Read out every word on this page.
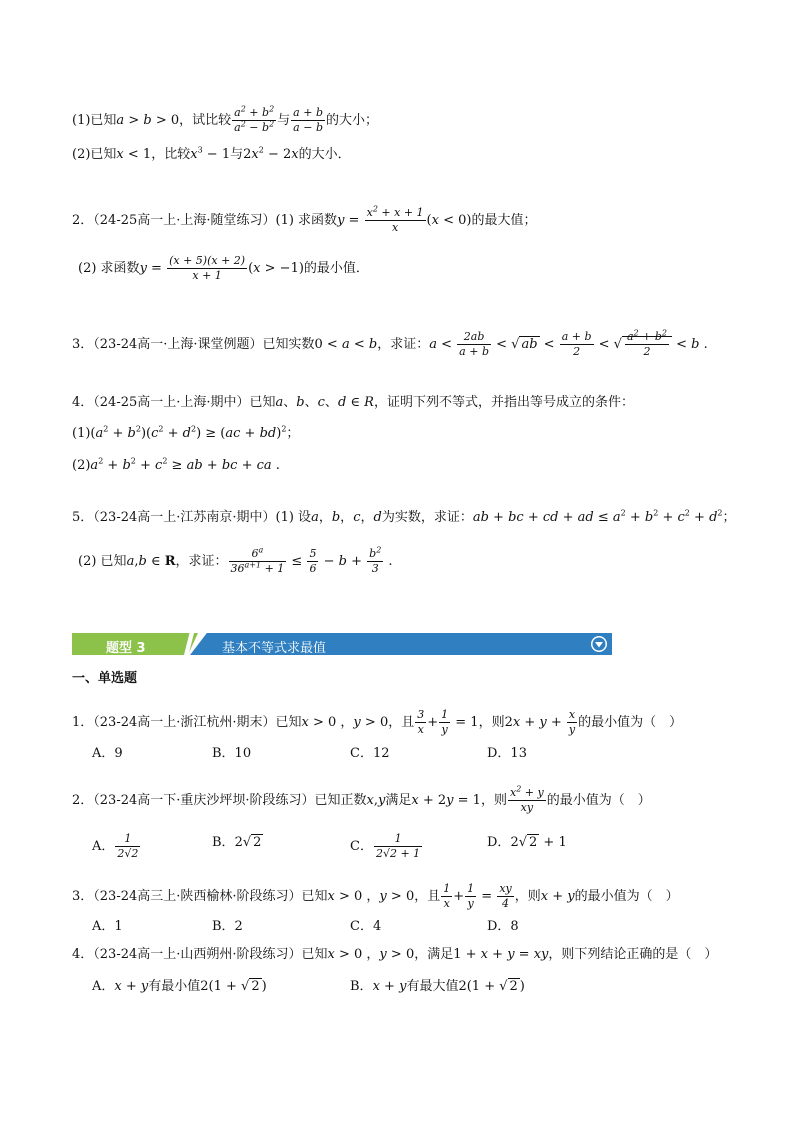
(1)已知a > b > 0，试比较 $\frac{a^2 + b^2}{a^2 - b^2}$ 与 $\frac{a + b}{a - b}$ 的大小；
(2)已知x < 1，比较$x^3 - 1$与$2x^2 - 2x$的大小．
2．（24-25高一上·上海·随堂练习）(1) 求函数$y = \frac{x^2 + x + 1}{x} (x < 0)$的最大值；
(2) 求函数$y = \frac{(x + 5)(x + 2)}{x + 1} (x > -1)$的最小值．
3．（23-24高一·上海·课堂例题）已知实数0 < a < b，求证：$a < \frac{2ab}{a + b}$ < √ ab < $\frac{a + b}{2}$ < √ $\frac{a^2 + b^2}{2} < b$ .
4．（24-25高一上·上海·期中）已知a、b、c、d ∈ R，证明下列不等式，并指出等号成立的条件：
$(1)(a^2 + b^2)(c^2 + d^2) \ge (ac + bd)^2$；
$(2)a^2 + b^2 + c^2$ ≥ ab + bc + ca .
5．（23-24高一上·江苏南京·期中）(1) 设a，b，c，d为实数，求证：ab + bc + cd + ad ≤ $a^2 + b^2 + c^2 + d^2$；
(2) 已知a,b ∈ R，求证： $\frac{6^a}{36^{a+1} + 1} \le \frac{5}{6} - b + \frac{b^2}{3}$ .
题型 3	基本不等式求最值
一、单选题
1．（23-24高一上·浙江杭州·期末）已知x > 0 ，y > 0，且 $\frac{3}{x} + \frac{1}{y} = 1$，则$2x + y + \frac{x}{y}$ 的最小值为（　）
A．9	B．10	C．12	D．13
2．（23-24高一下·重庆沙坪坝·阶段练习）已知正数x,y满足x + 2y = 1，则 $\frac{x^2 + y}{xy}$ 的最小值为（　）
A． $\frac{1}{2√2}$	B．2√ 2	C． $\frac{1}{2√2 + 1}$	D．2√ 2 + 1
3．（23-24高三上·陕西榆林·阶段练习）已知x > 0 ，y > 0，且 $\frac{1}{x} + \frac{1}{y} = \frac{xy}{4}$ ，则x + y的最小值为（　）
A．1	B．2	C．4	D．8
4．（23-24高一上·山西朔州·阶段练习）已知x > 0 ，y > 0，满足1 + x + y = xy，则下列结论正确的是（　）
A．x + y有最小值2(1 + √ 2 )	B．x + y有最大值2(1 + √ 2 )
